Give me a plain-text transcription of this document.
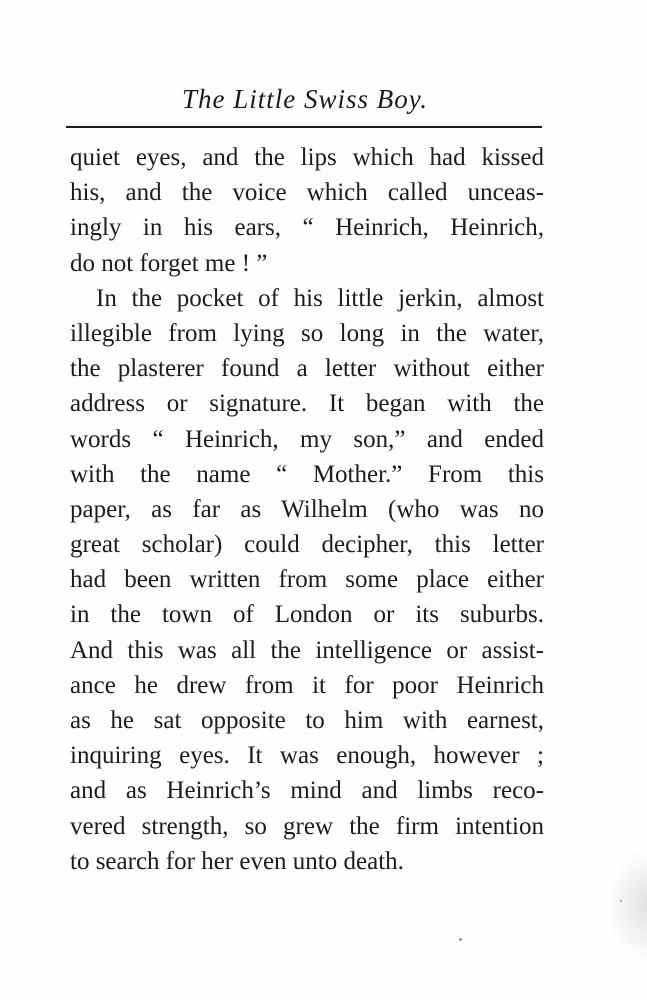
The Little Swiss Boy.
quiet eyes, and the lips which had kissed
his, and the voice which called unceas-
ingly in his ears, “ Heinrich, Heinrich,
do not forget me ! ”
In the pocket of his little jerkin, almost
illegible from lying so long in the water,
the plasterer found a letter without either
address or signature. It began with the
words “ Heinrich, my son,” and ended
with the name “ Mother.” From this
paper, as far as Wilhelm (who was no
great scholar) could decipher, this letter
had been written from some place either
in the town of London or its suburbs.
And this was all the intelligence or assist-
ance he drew from it for poor Heinrich
as he sat opposite to him with earnest,
inquiring eyes. It was enough, however ;
and as Heinrich’s mind and limbs reco-
vered strength, so grew the firm intention
to search for her even unto death.
